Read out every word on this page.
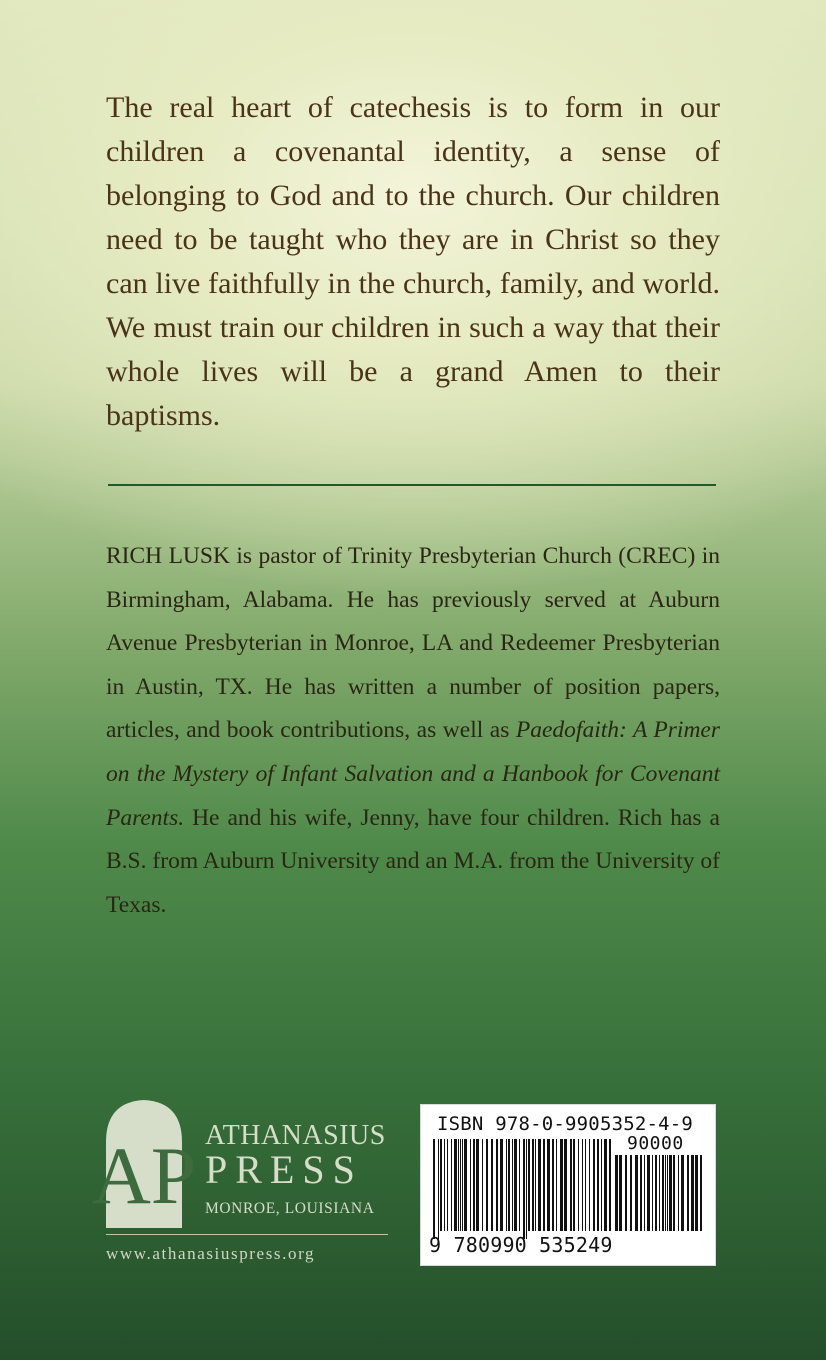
The real heart of catechesis is to form in our children a covenantal identity, a sense of belonging to God and to the church. Our children need to be taught who they are in Christ so they can live faithfully in the church, family, and world. We must train our children in such a way that their whole lives will be a grand Amen to their baptisms.

RICH LUSK is pastor of Trinity Presbyterian Church (CREC) in Birmingham, Alabama. He has previously served at Auburn Avenue Presbyterian in Monroe, LA and Redeemer Presbyterian in Austin, TX. He has written a number of position papers, articles, and book contributions, as well as Paedofaith: A Primer on the Mystery of Infant Salvation and a Hanbook for Covenant Parents. He and his wife, Jenny, have four children. Rich has a B.S. from Auburn University and an M.A. from the University of Texas.

AP ATHANASIUS
PRESS
MONROE, LOUISIANA
www.athanasiuspress.org
ISBN 978-0-9905352-4-9
90000
9 780990 535249
